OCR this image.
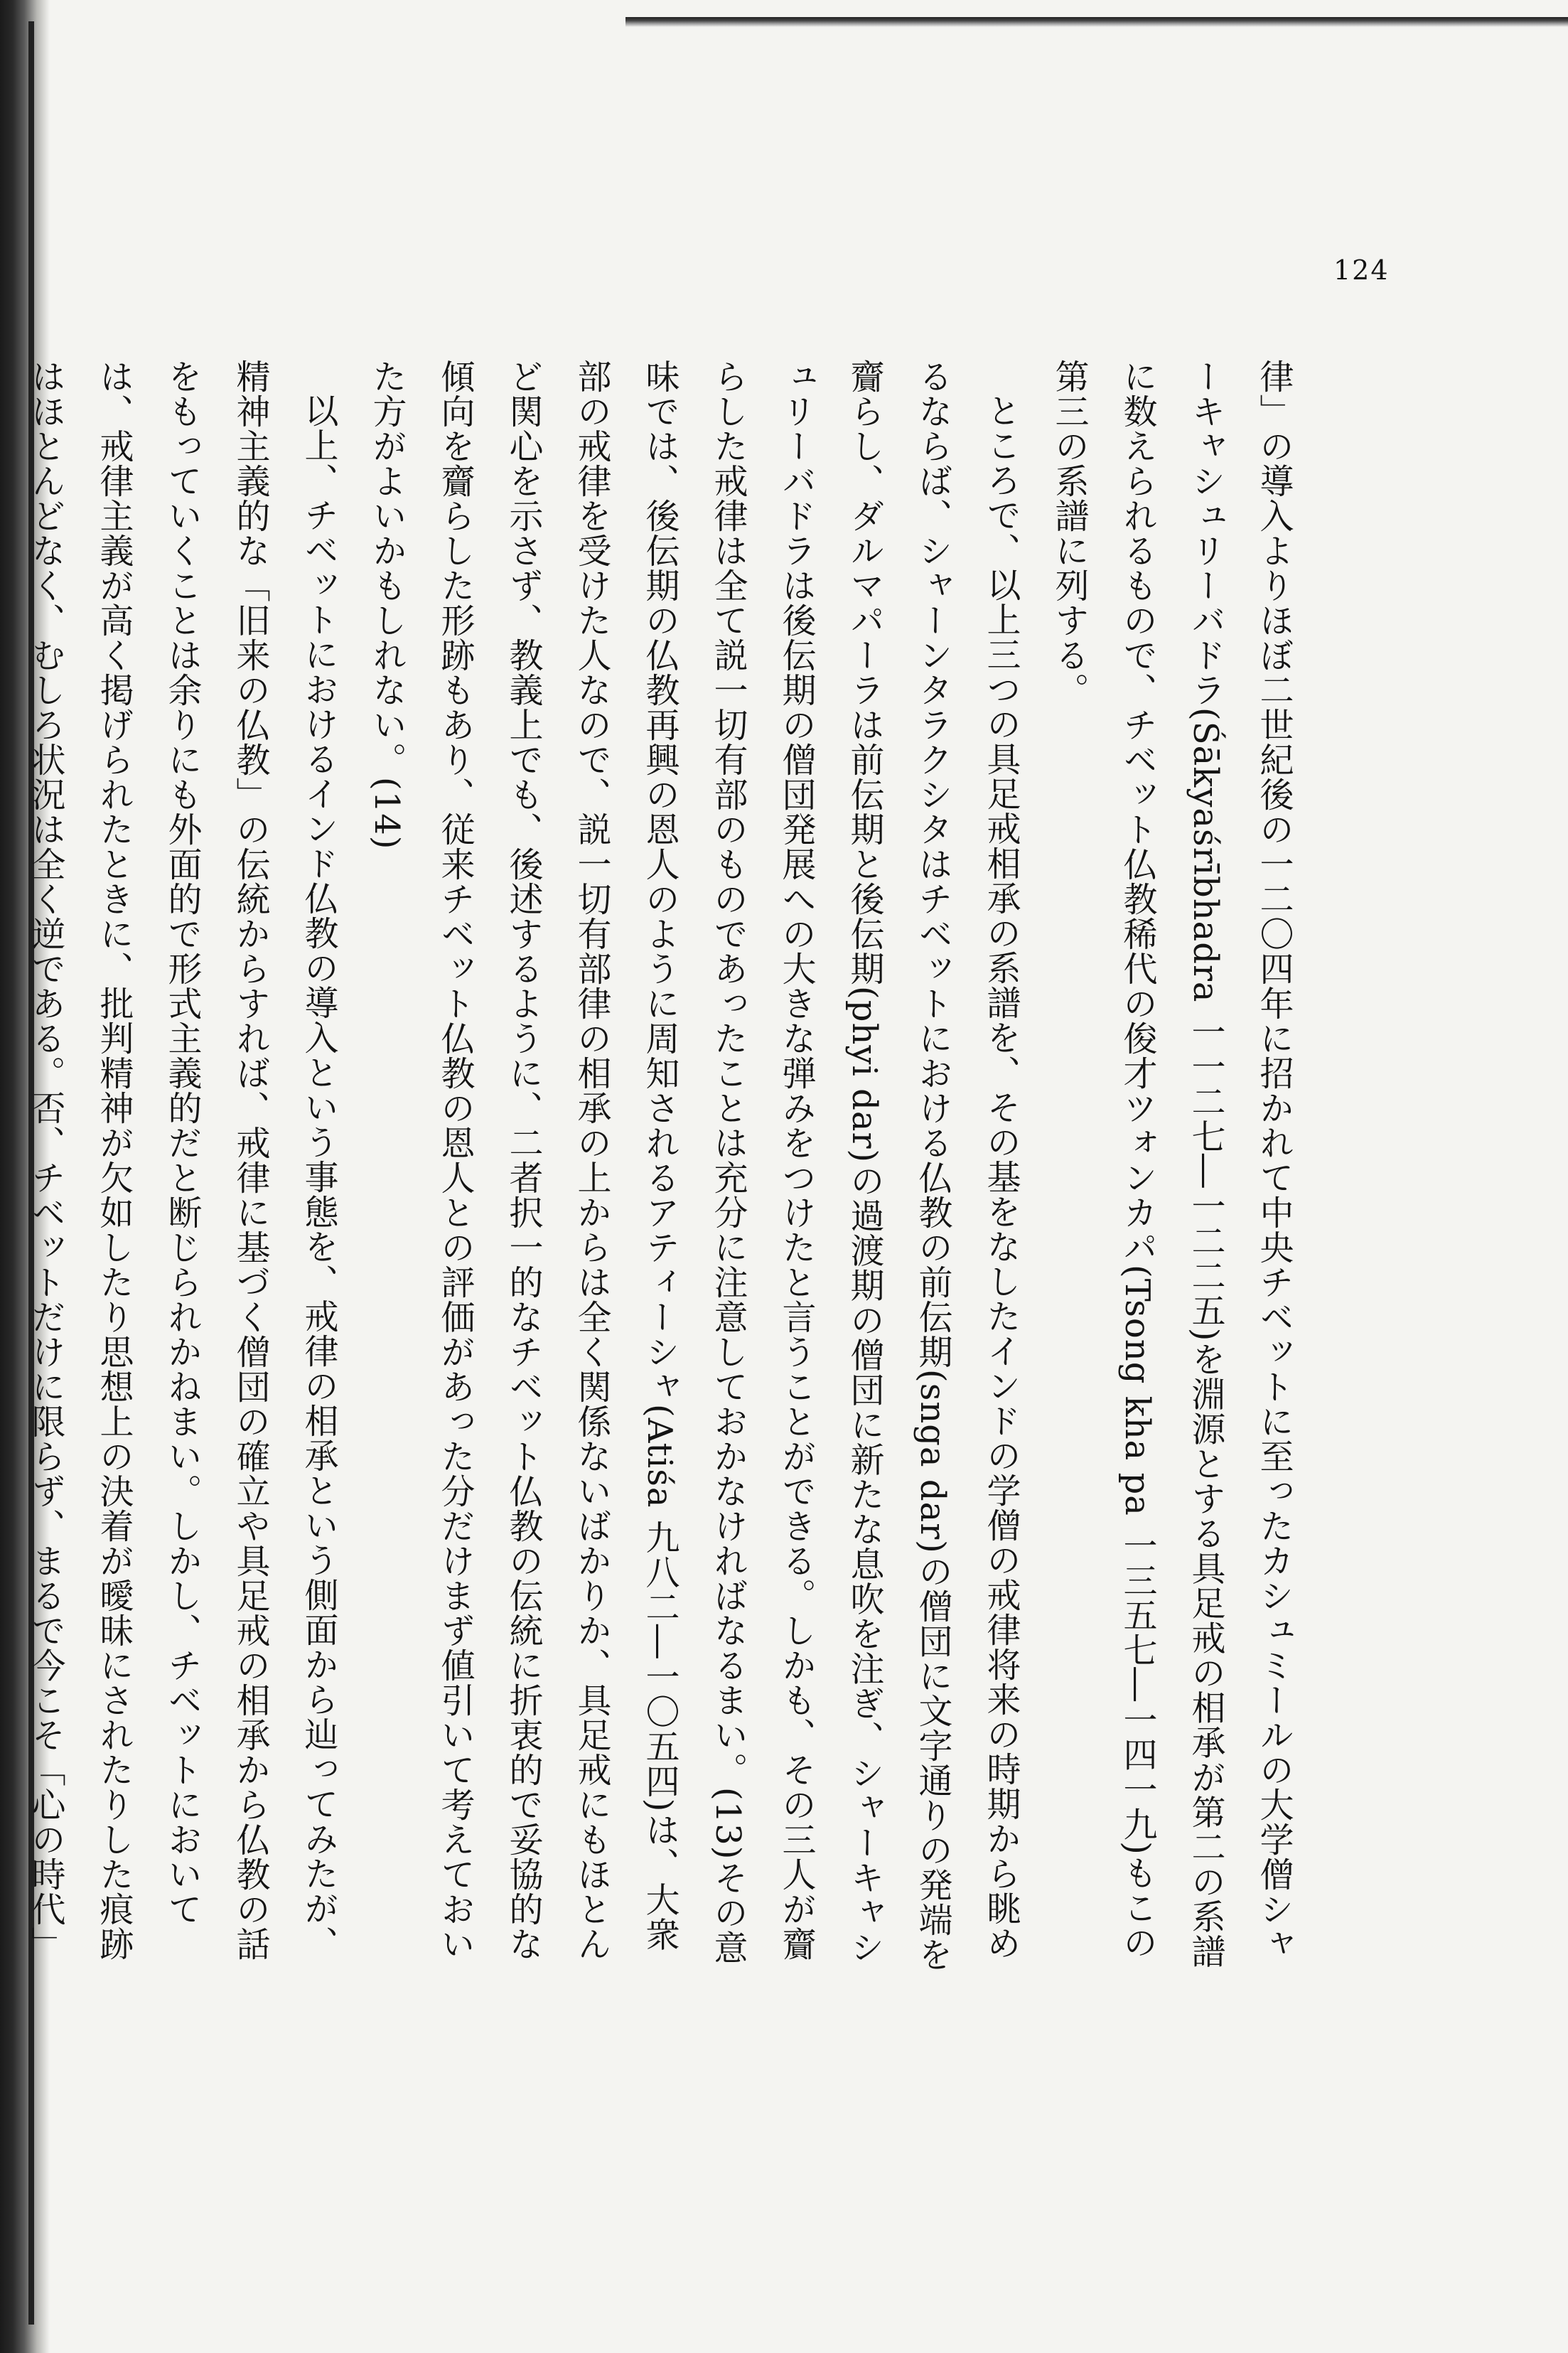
124

律」の導入よりほぼ二世紀後の一二〇四年に招かれて中央チベットに至ったカシュミールの大学僧シャーキャシュリーバドラ(Śākyaśrībhadra 一一二七―一二二五)を淵源とする具足戒の相承が第二の系譜に数えられるもので、チベット仏教稀代の俊才ツォンカパ(Tsong kha pa 一三五七―一四一九)もこの第三の系譜に列する。

ところで、以上三つの具足戒相承の系譜を、その基をなしたインドの学僧の戒律将来の時期から眺めるならば、シャーンタラクシタはチベットにおける仏教の前伝期(snga dar)の僧団に文字通りの発端を齎らし、ダルマパーラは前伝期と後伝期(phyi dar)の過渡期の僧団に新たな息吹を注ぎ、シャーキャシュリーバドラは後伝期の僧団発展への大きな弾みをつけたと言うことができる。しかも、その三人が齎らした戒律は全て説一切有部のものであったことは充分に注意しておかなければなるまい。(13)その意味では、後伝期の仏教再興の恩人のように周知されるアティーシャ(Atiśa 九八二―一〇五四)は、大衆部の戒律を受けた人なので、説一切有部律の相承の上からは全く関係ないばかりか、具足戒にもほとんど関心を示さず、教義上でも、後述するように、二者択一的なチベット仏教の伝統に折衷的で妥協的な傾向を齎らした形跡もあり、従来チベット仏教の恩人との評価があった分だけまず値引いて考えておいた方がよいかもしれない。(14)

以上、チベットにおけるインド仏教の導入という事態を、戒律の相承という側面から辿ってみたが、精神主義的な「旧来の仏教」の伝統からすれば、戒律に基づく僧団の確立や具足戒の相承から仏教の話をもっていくことは余りにも外面的で形式主義的だと断じられかねまい。しかし、チベットにおいては、戒律主義が高く掲げられたときに、批判精神が欠如したり思想上の決着が曖昧にされたりした痕跡はほとんどなく、むしろ状況は全く逆である。否、チベットだけに限らず、まるで今こそ「心の時代」
